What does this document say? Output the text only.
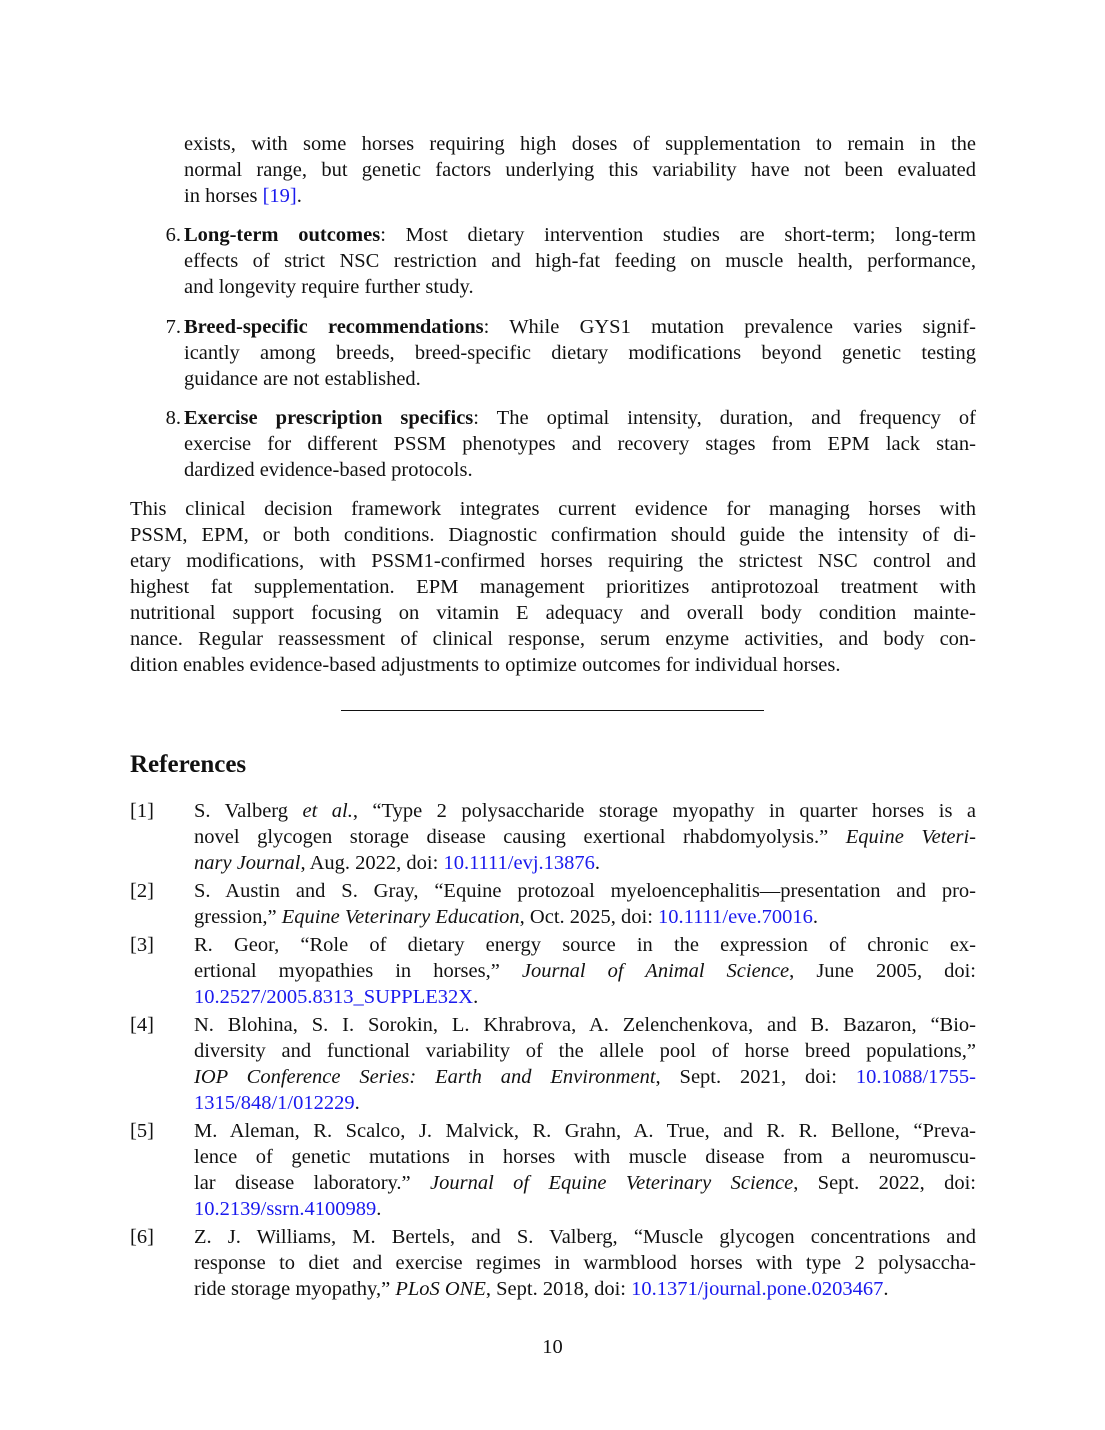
exists, with some horses requiring high doses of supplementation to remain in the
normal range, but genetic factors underlying this variability have not been evaluated
in horses [19].
6. Long-term outcomes: Most dietary intervention studies are short-term; long-term
effects of strict NSC restriction and high-fat feeding on muscle health, performance,
and longevity require further study.
7. Breed-specific recommendations: While GYS1 mutation prevalence varies signif-
icantly among breeds, breed-specific dietary modifications beyond genetic testing
guidance are not established.
8. Exercise prescription specifics: The optimal intensity, duration, and frequency of
exercise for different PSSM phenotypes and recovery stages from EPM lack stan-
dardized evidence-based protocols.
This clinical decision framework integrates current evidence for managing horses with
PSSM, EPM, or both conditions. Diagnostic confirmation should guide the intensity of di-
etary modifications, with PSSM1-confirmed horses requiring the strictest NSC control and
highest fat supplementation. EPM management prioritizes antiprotozoal treatment with
nutritional support focusing on vitamin E adequacy and overall body condition mainte-
nance. Regular reassessment of clinical response, serum enzyme activities, and body con-
dition enables evidence-based adjustments to optimize outcomes for individual horses.
References
[1]	S. Valberg et al., “Type 2 polysaccharide storage myopathy in quarter horses is a
novel glycogen storage disease causing exertional rhabdomyolysis.” Equine Veteri-
nary Journal, Aug. 2022, doi: 10.1111/evj.13876.
[2]	S. Austin and S. Gray, “Equine protozoal myeloencephalitis—presentation and pro-
gression,” Equine Veterinary Education, Oct. 2025, doi: 10.1111/eve.70016.
[3]	R. Geor, “Role of dietary energy source in the expression of chronic ex-
ertional myopathies in horses,” Journal of Animal Science, June 2005, doi:
10.2527/2005.8313_SUPPLE32X.
[4]	N. Blohina, S. I. Sorokin, L. Khrabrova, A. Zelenchenkova, and B. Bazaron, “Bio-
diversity and functional variability of the allele pool of horse breed populations,”
IOP Conference Series: Earth and Environment, Sept. 2021, doi: 10.1088/1755-
1315/848/1/012229.
[5]	M. Aleman, R. Scalco, J. Malvick, R. Grahn, A. True, and R. R. Bellone, “Preva-
lence of genetic mutations in horses with muscle disease from a neuromuscu-
lar disease laboratory.” Journal of Equine Veterinary Science, Sept. 2022, doi:
10.2139/ssrn.4100989.
[6]	Z. J. Williams, M. Bertels, and S. Valberg, “Muscle glycogen concentrations and
response to diet and exercise regimes in warmblood horses with type 2 polysaccha-
ride storage myopathy,” PLoS ONE, Sept. 2018, doi: 10.1371/journal.pone.0203467.
10
